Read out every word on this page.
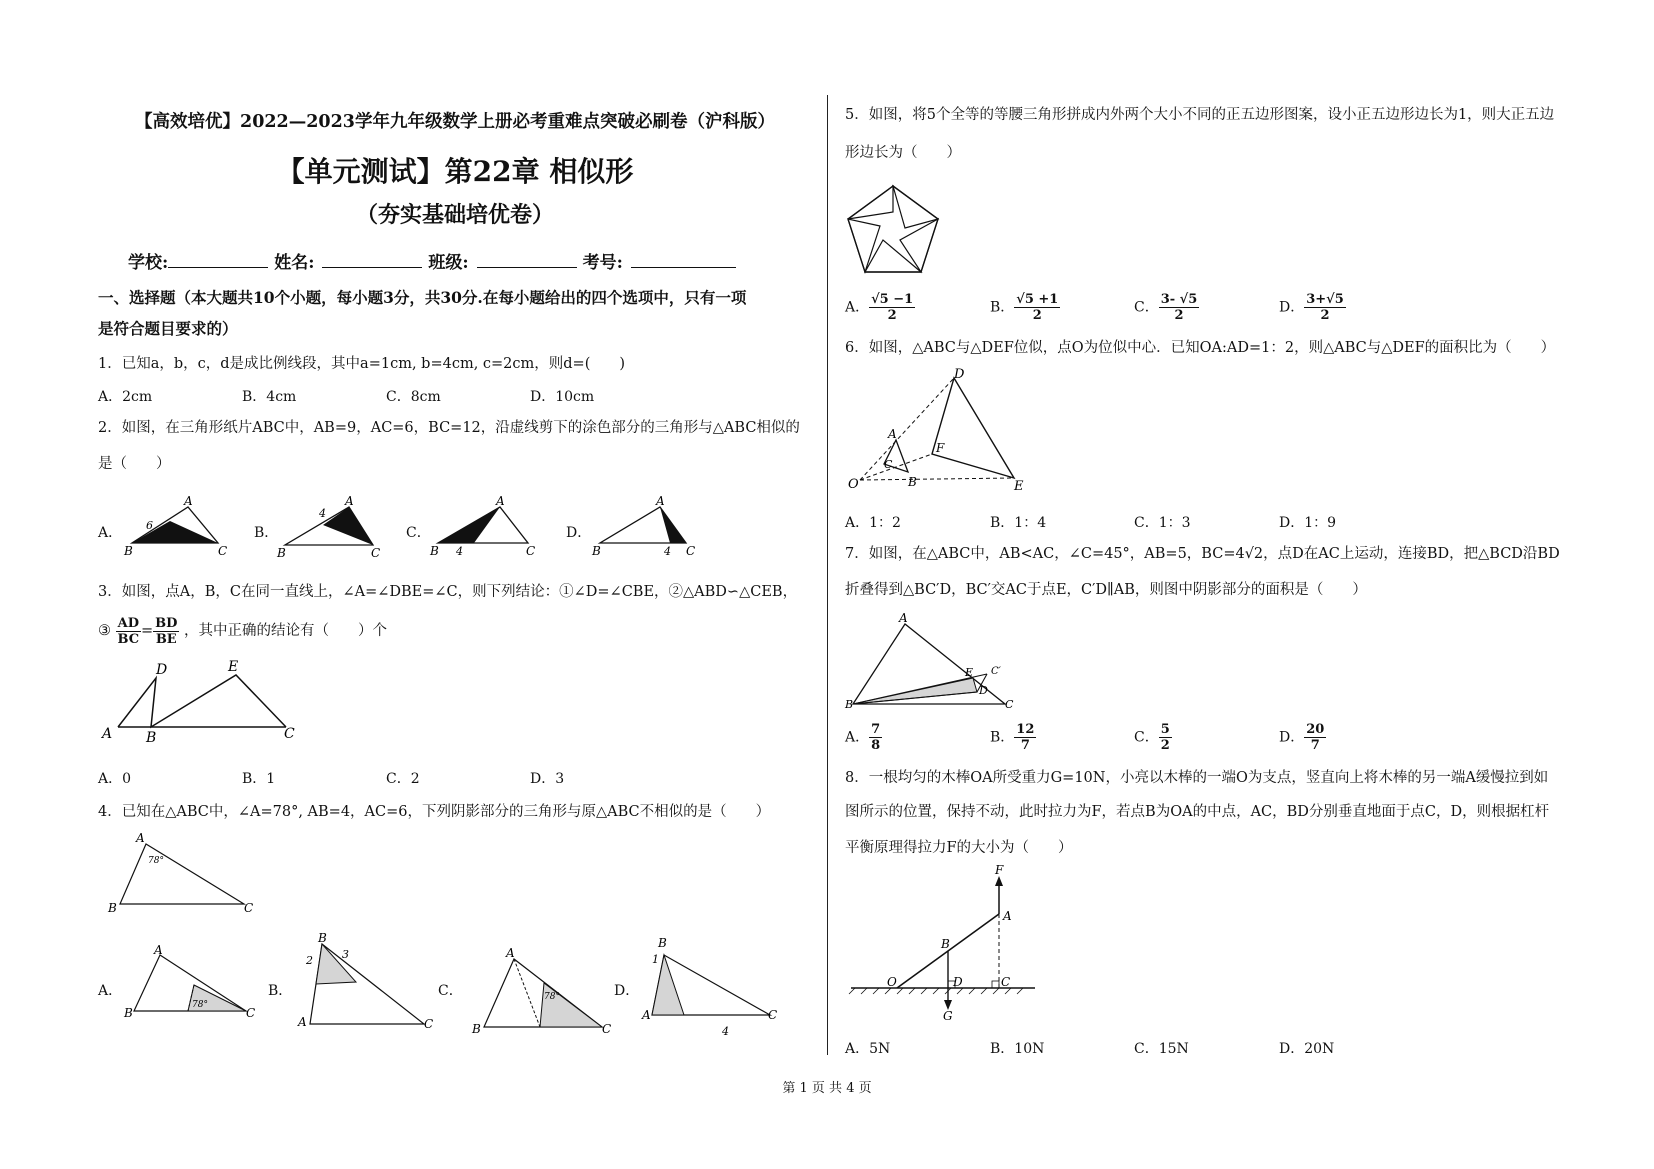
【高效培优】2022—2023学年九年级数学上册必考重难点突破必刷卷（沪科版）
【单元测试】第22章 相似形
（夯实基础培优卷）
学校:	姓名:	班级:	考号:
一、选择题（本大题共10个小题，每小题3分，共30分.在每小题给出的四个选项中，只有一项
是符合题目要求的）
1．已知a，b，c，d是成比例线段，其中a=1cm, b=4cm, c=2cm，则d=(　　)
A．2cm	B．4cm	C．8cm	D．10cm
2．如图，在三角形纸片ABC中，AB=9，AC=6，BC=12，沿虚线剪下的涂色部分的三角形与△ABC相似的
是（　　）
A．
B	C
A
6	B．
B	C
A
4
C．
B	C
A
4
D．
B	C
A
4
3．如图，点A，B，C在同一直线上，∠A=∠DBE=∠C，则下列结论：①∠D=∠CBE，②△ABD∽△CEB，
③ $\frac{AD}{BC} = \frac{BD}{BE}$ ，其中正确的结论有（　　）个
A B	C
D	E
A．0	B．1	C．2	D．3
4．已知在△ABC中，∠A=78°, AB=4，AC=6，下列阴影部分的三角形与原△ABC不相似的是（　　）
A
B	C
78°
A．
A
B	C
78°
B．
B
A	C
2	3
C．
A
B	C
78°	D．
B
A	C
1
4
5．如图，将5个全等的等腰三角形拼成内外两个大小不同的正五边形图案，设小正五边形边长为1，则大正五边
形边长为（　　）
A． $\frac{√5 -1}{2}$	B． $\frac{√5 +1}{2}$	C． $\frac{3- √5}{2}$	D． $\frac{3+√5}{2}$
6．如图，△ABC与△DEF位似，点O为位似中心．已知OA:AD=1：2，则△ABC与△DEF的面积比为（　　）
O
A
B
C
D
E
F
A．1：2	B．1：4	C．1：3	D．1：9
7．如图，在△ABC中，AB<AC，∠C=45°，AB=5，BC=4√2，点D在AC上运动，连接BD，把△BCD沿BD
折叠得到△BC′D，BC′交AC于点E，C′D∥AB，则图中阴影部分的面积是（　　）
A
B	C
E C′
D
A． $\frac{7}{8}$	B． $\frac{12}{7}$	C． $\frac{5}{2}$	D． $\frac{20}{7}$
8．一根均匀的木棒OA所受重力G=10N，小亮以木棒的一端O为支点，竖直向上将木棒的另一端A缓慢拉到如
图所示的位置，保持不动，此时拉力为F，若点B为OA的中点，AC，BD分别垂直地面于点C，D，则根据杠杆
平衡原理得拉力F的大小为（　　）
O
B
A
F
D	C
G
A．5N	B．10N	C．15N	D．20N
第 1 页 共 4 页
